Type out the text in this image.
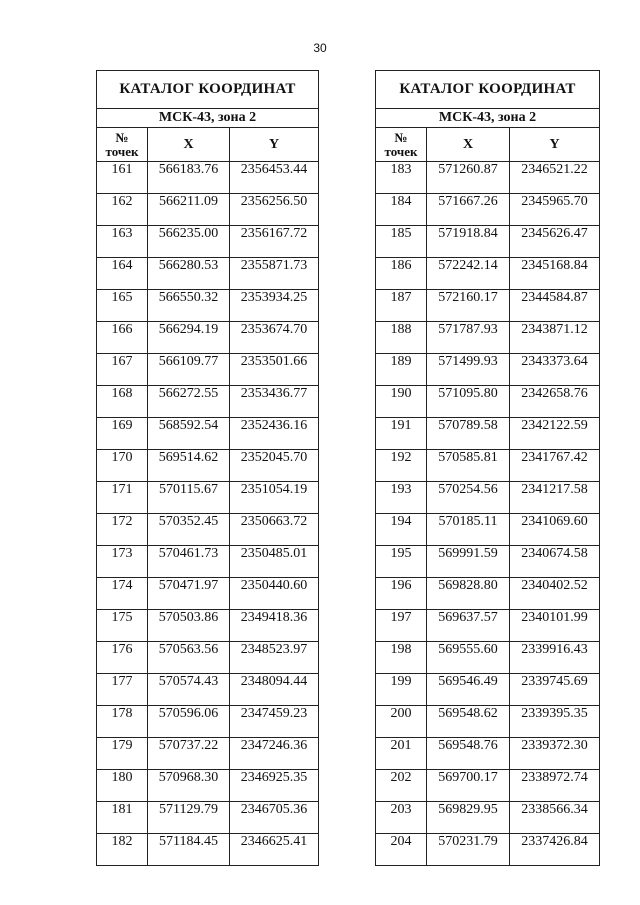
30
КАТАЛОГ КООРДИНАТ		
МСК-43, зона 2		

№
точек	X	Y
161	566183.76	2356453.44
162	566211.09	2356256.50
163	566235.00	2356167.72
164	566280.53	2355871.73
165	566550.32	2353934.25
166	566294.19	2353674.70
167	566109.77	2353501.66
168	566272.55	2353436.77
169	568592.54	2352436.16
170	569514.62	2352045.70
171	570115.67	2351054.19
172	570352.45	2350663.72
173	570461.73	2350485.01
174	570471.97	2350440.60
175	570503.86	2349418.36
176	570563.56	2348523.97
177	570574.43	2348094.44
178	570596.06	2347459.23
179	570737.22	2347246.36
180	570968.30	2346925.35
181	571129.79	2346705.36
182	571184.45	2346625.41
КАТАЛОГ КООРДИНАТ		
МСК-43, зона 2		

№
точек	X	Y
183	571260.87	2346521.22
184	571667.26	2345965.70
185	571918.84	2345626.47
186	572242.14	2345168.84
187	572160.17	2344584.87
188	571787.93	2343871.12
189	571499.93	2343373.64
190	571095.80	2342658.76
191	570789.58	2342122.59
192	570585.81	2341767.42
193	570254.56	2341217.58
194	570185.11	2341069.60
195	569991.59	2340674.58
196	569828.80	2340402.52
197	569637.57	2340101.99
198	569555.60	2339916.43
199	569546.49	2339745.69
200	569548.62	2339395.35
201	569548.76	2339372.30
202	569700.17	2338972.74
203	569829.95	2338566.34
204	570231.79	2337426.84
